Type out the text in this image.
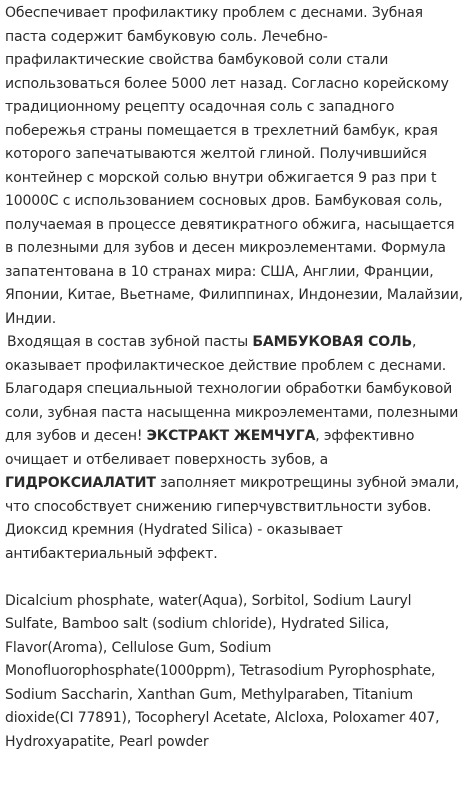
Обеспечивает профилактику проблем с деснами. Зубная паста содержит бамбуковую соль. Лечебно-прафилактические свойства бамбуковой соли стали использоваться более 5000 лет назад. Согласно корейскому традиционному рецепту осадочная соль с западного побережья страны помещается в трехлетний бамбук, края которого запечатываются желтой глиной. Получившийся контейнер с морской солью внутри обжигается 9 раз при t 10000С с использованием сосновых дров. Бамбуковая соль, получаемая в процессе девятикратного обжига, насыщается в полезными для зубов и десен микроэлементами. Формула запатентована в 10 странах мира: США, Англии, Франции, Японии, Китае, Вьетнаме, Филиппинах, Индонезии, Малайзии, Индии.

Входящая в состав зубной пасты БАМБУКОВАЯ СОЛЬ, оказывает профилактическое действие проблем с деснами. Благодаря специальныой технологии обработки бамбуковой соли, зубная паста насыщенна микроэлементами, полезными для зубов и десен! ЭКСТРАКТ ЖЕМЧУГА, эффективно очищает и отбеливает поверхность зубов, а ГИДРОКСИАЛАТИТ заполняет микротрещины зубной эмали, что способствует снижению гиперчувствитльности зубов. Диоксид кремния (Hydrated Silica) - оказывает антибактериальный эффект.

Dicalcium phosphate, water(Aqua), Sorbitol, Sodium Lauryl Sulfate, Bamboo salt (sodium chloride), Hydrated Silica, Flavor(Aroma), Cellulose Gum, Sodium Monofluorophosphate(1000ppm), Tetrasodium Pyrophosphate, Sodium Saccharin, Xanthan Gum, Methylparaben, Titanium dioxide(CI 77891), Tocopheryl Acetate, Alcloxa, Poloxamer 407, Hydroxyapatite, Pearl powder
